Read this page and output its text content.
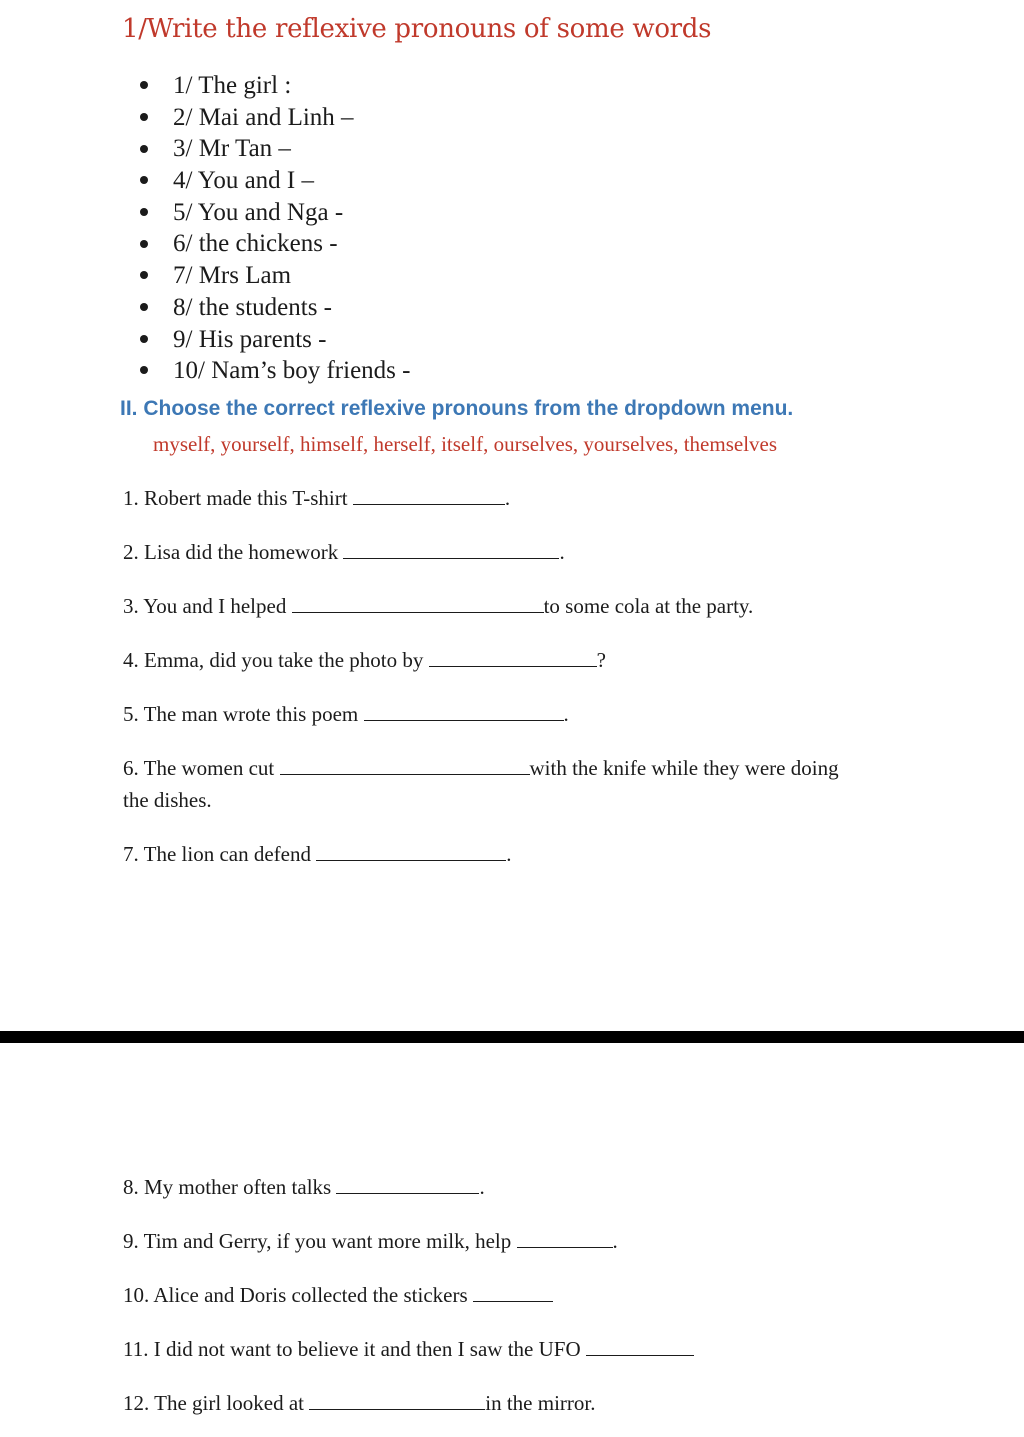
1/Write the reflexive pronouns of some words
1/ The girl :
2/ Mai and Linh –
3/ Mr Tan –
4/ You and I –
5/ You and Nga -
6/ the chickens -
7/ Mrs Lam
8/ the students -
9/ His parents -
10/ Nam’s boy friends -
II. Choose the correct reflexive pronouns from the dropdown menu.
myself, yourself, himself, herself, itself, ourselves, yourselves, themselves
1. Robert made this T-shirt	.
2. Lisa did the homework	.
3. You and I helped	to some cola at the party.
4. Emma, did you take the photo by	?
5. The man wrote this poem	.
6. The women cut	with the knife while they were doing
the dishes.
7. The lion can defend	.
8. My mother often talks	.
9. Tim and Gerry, if you want more milk, help	.
10. Alice and Doris collected the stickers
11. I did not want to believe it and then I saw the UFO
12. The girl looked at	in the mirror.
